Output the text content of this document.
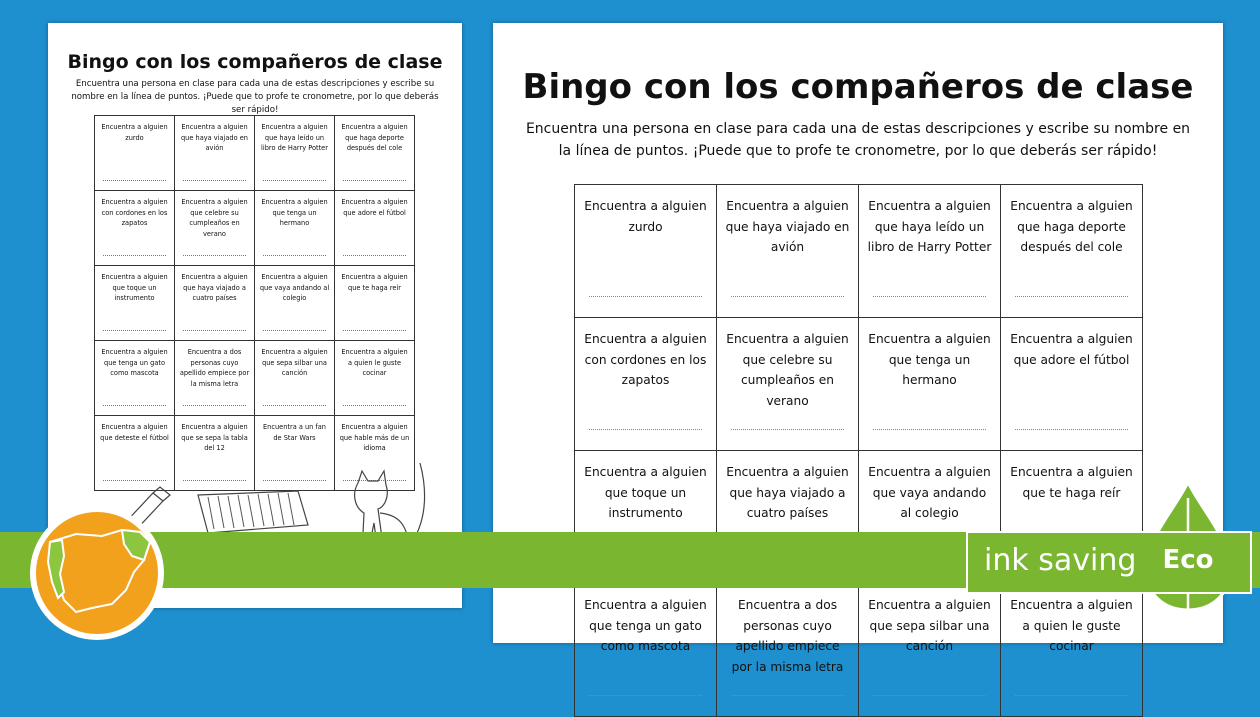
Bingo con los compañeros de clase
Encuentra una persona en clase para cada una de estas descripciones y escribe su nombre en la línea de puntos. ¡Puede que to profe te cronometre, por lo que deberás ser rápido!
Encuentra a alguien zurdo
Encuentra a alguien que haya viajado en avión
Encuentra a alguien que haya leído un libro de Harry Potter
Encuentra a alguien que haga deporte después del cole
Encuentra a alguien con cordones en los zapatos
Encuentra a alguien que celebre su cumpleaños en verano
Encuentra a alguien que tenga un hermano
Encuentra a alguien que adore el fútbol
Encuentra a alguien que toque un instrumento
Encuentra a alguien que haya viajado a cuatro países
Encuentra a alguien que vaya andando al colegio
Encuentra a alguien que te haga reír
Encuentra a alguien que tenga un gato como mascota
Encuentra a dos personas cuyo apellido empiece por la misma letra
Encuentra a alguien que sepa silbar una canción
Encuentra a alguien a quien le guste cocinar
Encuentra a alguien que deteste el fútbol
Encuentra a alguien que se sepa la tabla del 12
Encuentra a un fan de Star Wars
Encuentra a alguien que hable más de un idioma
Bingo con los compañeros de clase
Encuentra una persona en clase para cada una de estas descripciones y escribe su nombre en la línea de puntos. ¡Puede que to profe te cronometre, por lo que deberás ser rápido!
Encuentra a alguien zurdo
Encuentra a alguien que haya viajado en avión
Encuentra a alguien que haya leído un libro de Harry Potter
Encuentra a alguien que haga deporte después del cole
Encuentra a alguien con cordones en los zapatos
Encuentra a alguien que celebre su cumpleaños en verano
Encuentra a alguien que tenga un hermano
Encuentra a alguien que adore el fútbol
Encuentra a alguien que toque un instrumento
Encuentra a alguien que haya viajado a cuatro países
Encuentra a alguien que vaya andando al colegio
Encuentra a alguien que te haga reír
Encuentra a alguien que tenga un gato como mascota
Encuentra a dos personas cuyo apellido empiece por la misma letra
Encuentra a alguien que sepa silbar una canción
Encuentra a alguien a quien le guste cocinar
ink saving Eco
